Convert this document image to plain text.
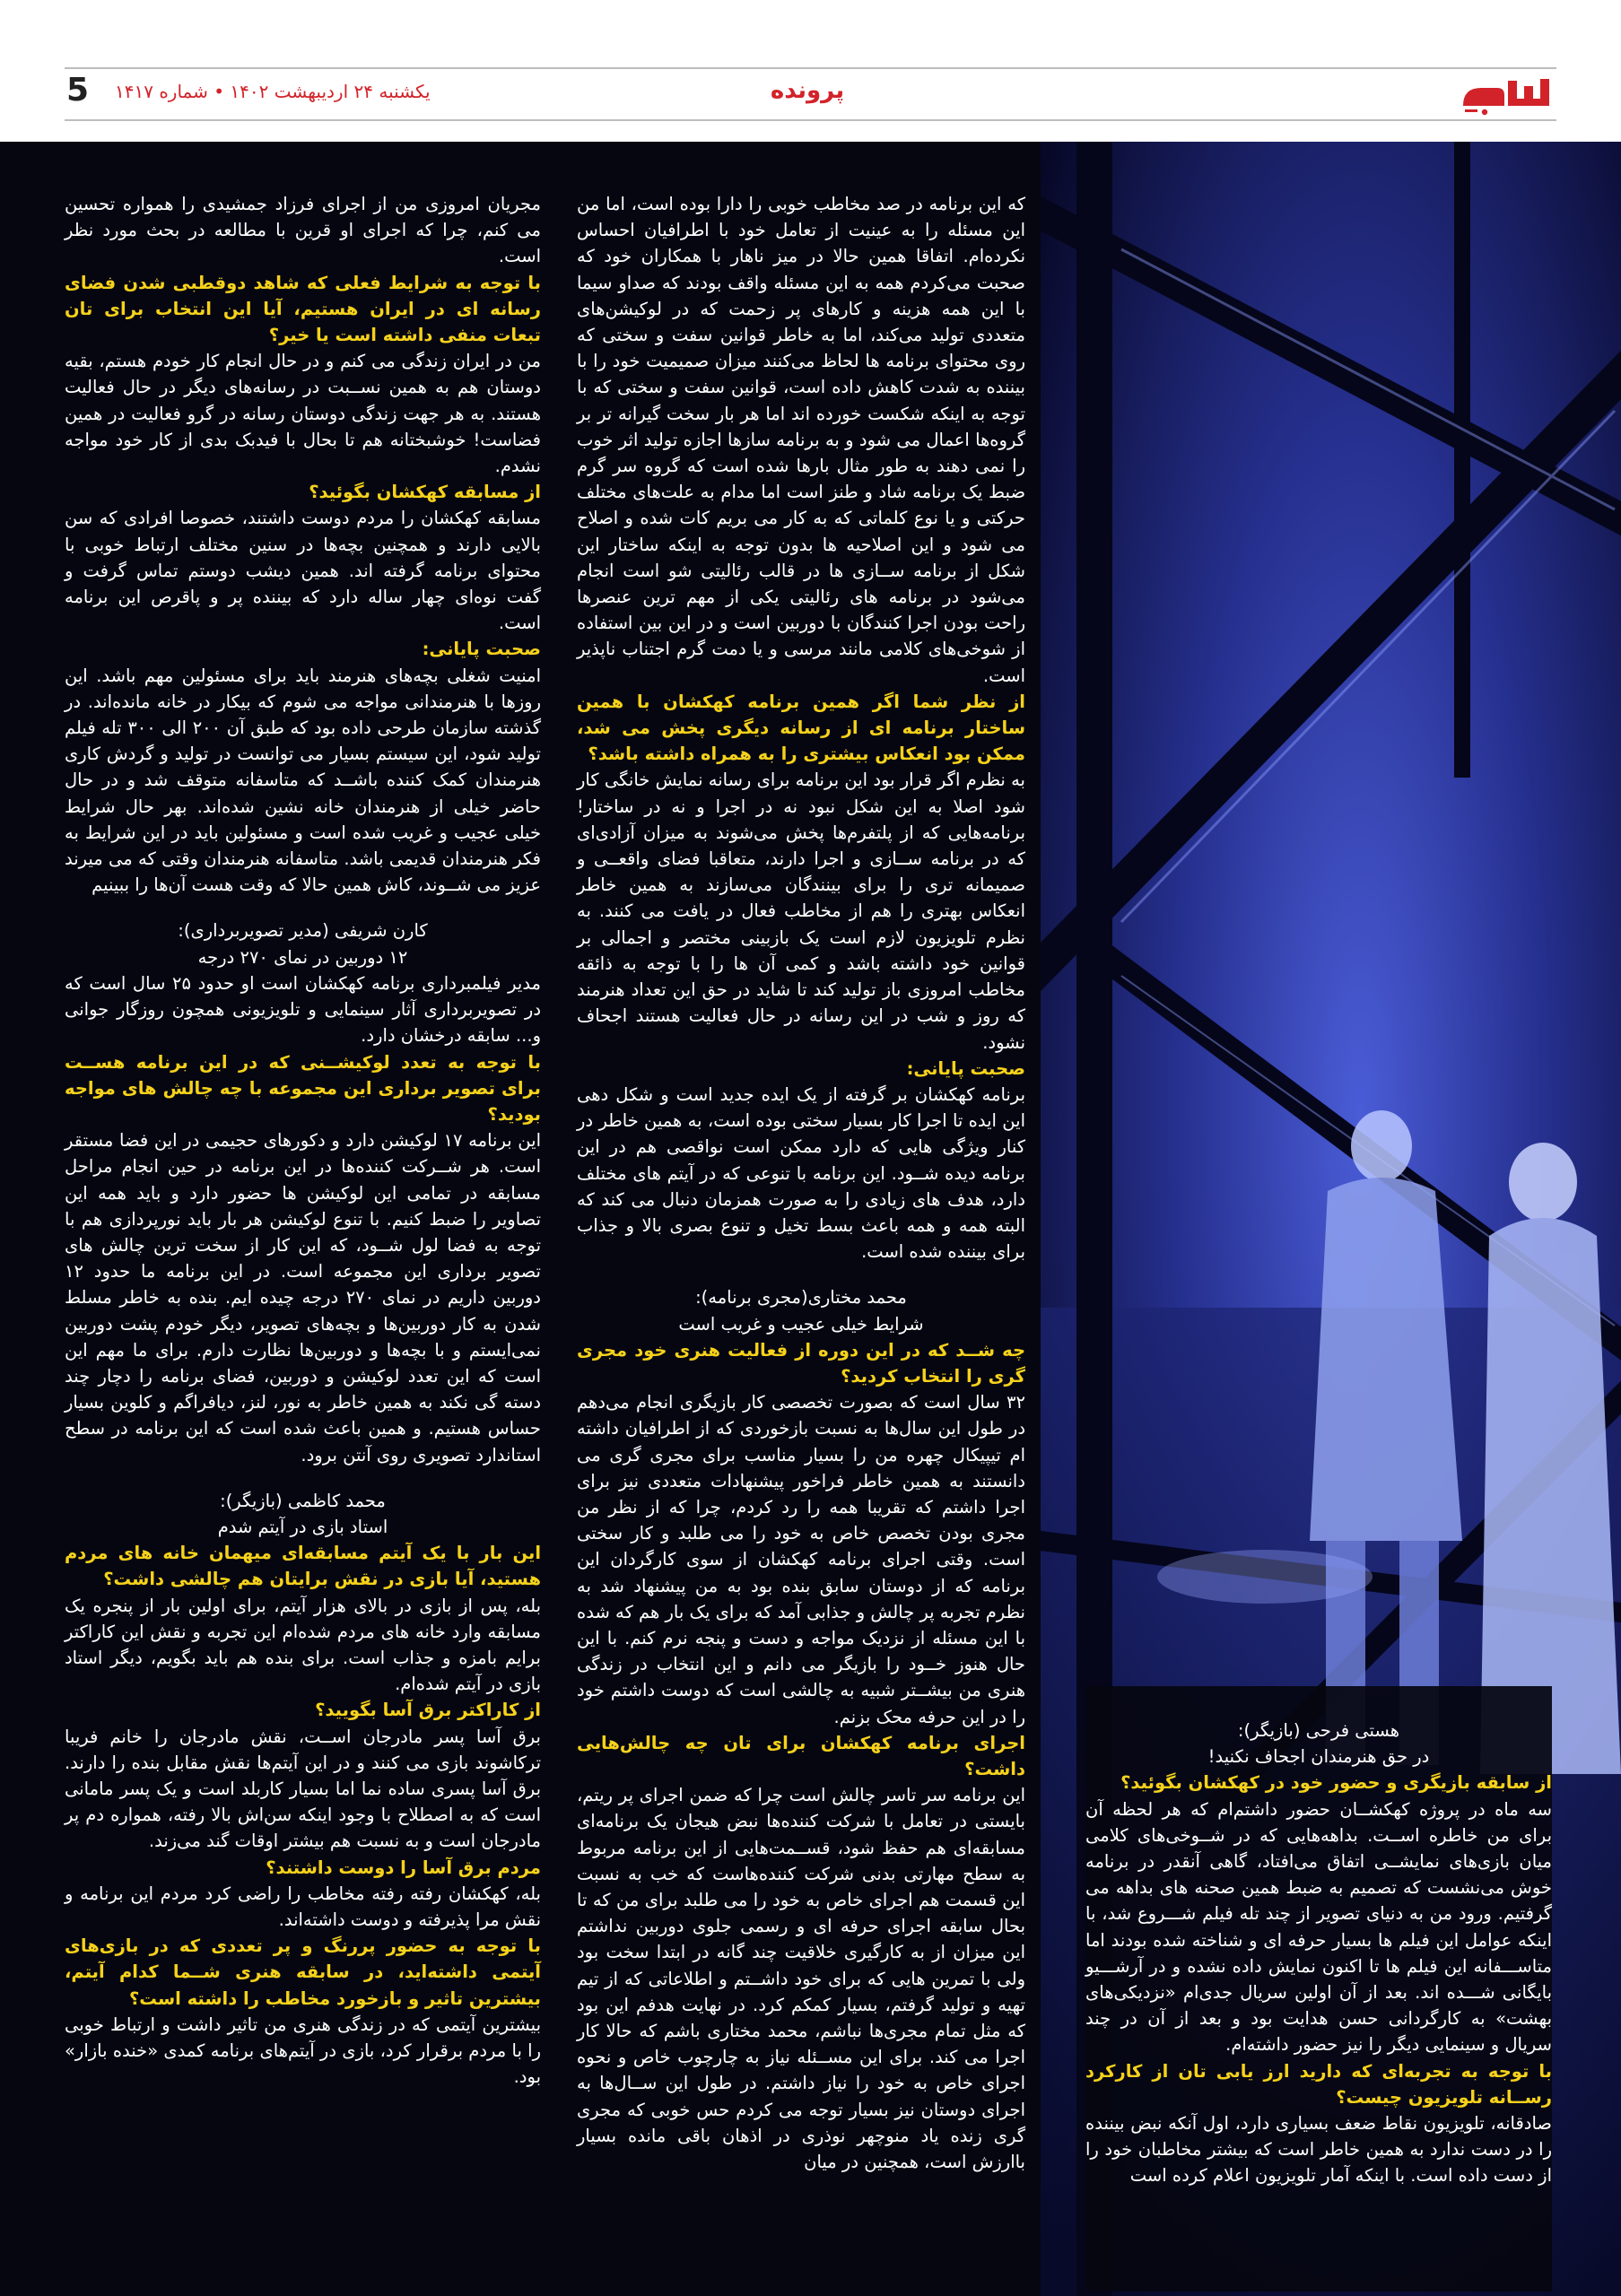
5 یکشنبه ۲۴ اردیبهشت ۱۴۰۲ • شماره ۱۴۱۷	پرونده

که این برنامه در صد مخاطب خوبی را دارا بوده است، اما من این مسئله را به عینیت از تعامل خود با اطرافیان احساس نکرده‌ام. اتفاقا همین حالا در میز ناهار با همکاران خود که صحبت می‌کردم همه به این مسئله واقف بودند که صداو سیما با این همه هزینه و کارهای پر زحمت که در لوکیشن‌های متعددی تولید می‌کند، اما به خاطر قوانین سفت و سختی که روی محتوای برنامه ها لحاظ می‌کنند میزان صمیمیت خود را با بیننده به شدت کاهش داده است، قوانین سفت و سختی که با توجه به اینکه شکست خورده اند اما هر بار سخت گیرانه تر بر گروه‌ها اعمال می شود و به برنامه سازها اجازه تولید اثر خوب را نمی دهند به طور مثال بارها شده است که گروه سر گرم ضبط یک برنامه شاد و طنز است اما مدام به علت‌های مختلف حرکتی و یا نوع کلماتی که به کار می بریم کات شده و اصلاح می شود و این اصلاحیه ها بدون توجه به اینکه ساختار این شکل از برنامه ســازی ها در قالب رئالیتی شو است انجام می‌شود در برنامه های رئالیتی یکی از مهم ترین عنصرها راحت بودن اجرا کنندگان با دوربین است و در این بین استفاده از شوخی‌های کلامی مانند مرسی و یا دمت گرم اجتناب ناپذیر است.

از نظر شما اگر همین برنامه کهکشان با همین ساختار برنامه ای از رسانه دیگری پخش می شد، ممکن بود انعکاس بیشتری را به همراه داشته باشد؟

به نظرم اگر قرار بود این برنامه برای رسانه نمایش خانگی کار شود اصلا به این شکل نبود نه در اجرا و نه در ساختار! برنامه‌هایی که از پلتفرم‌ها پخش می‌شوند به میزان آزادی‌ای که در برنامه ســازی و اجرا دارند، متعاقبا فضای واقعــی و صمیمانه تری را برای بینندگان می‌سازند به همین خاطر انعکاس بهتری را هم از مخاطب فعال در یافت می کنند. به نظرم تلویزیون لازم است یک بازبینی مختصر و اجمالی بر قوانین خود داشته باشد و کمی آن ها را با توجه به ذائقه مخاطب امروزی باز تولید کند تا شاید در حق این تعداد هنرمند که روز و شب در این رسانه در حال فعالیت هستند اجحاف نشود.

صحبت پایانی:

برنامه کهکشان بر گرفته از یک ایده جدید است و شکل دهی این ایده تا اجرا کار بسیار سختی بوده است، به همین خاطر در کنار ویژگی هایی که دارد ممکن است نواقصی هم در این برنامه دیده شــود. این برنامه با تنوعی که در آیتم های مختلف دارد، هدف های زیادی را به صورت همزمان دنبال می کند که البته همه و همه باعث بسط تخیل و تنوع بصری بالا و جذاب برای بیننده شده است.

محمد مختاری(مجری برنامه):

شرایط خیلی عجیب و غریب است

چه شــد که در این دوره از فعالیت هنری خود مجری گری را انتخاب کردید؟

۳۲ سال است که بصورت تخصصی کار بازیگری انجام می‌دهم در طول این سال‌ها به نسبت بازخوردی که از اطرافیان داشته ام تیپیکال چهره من را بسیار مناسب برای مجری گری می دانستند به همین خاطر فراخور پیشنهادات متعددی نیز برای اجرا داشتم که تقریبا همه را رد کردم، چرا که از نظر من مجری بودن تخصص خاص به خود را می طلبد و کار سختی است. وقتی اجرای برنامه کهکشان از سوی کارگردان این برنامه که از دوستان سابق بنده بود به من پیشنهاد شد به نظرم تجربه پر چالش و جذابی آمد که برای یک بار هم که شده با این مسئله از نزدیک مواجه و دست و پنجه نرم کنم. با این حال هنوز خــود را بازیگر می دانم و این انتخاب در زندگی هنری من بیشــتر شبیه به چالشی است که دوست داشتم خود را در این حرفه محک بزنم.

اجرای برنامه کهکشان برای تان چه چالش‌هایی داشت؟

این برنامه سر تاسر چالش است چرا که ضمن اجرای پر ریتم، بایستی در تعامل با شرکت کننده‌ها نبض هیجان یک برنامه‌ای مسابقه‌ای هم حفظ شود، قســمت‌هایی از این برنامه مربوط به سطح مهارتی بدنی شرکت کننده‌هاست که خب به نسبت این قسمت هم اجرای خاص به خود را می طلبد برای من که تا بحال سابقه اجرای حرفه ای و رسمی جلوی دوربین نداشتم این میزان از به کارگیری خلاقیت چند گانه در ابتدا سخت بود ولی با تمرین هایی که برای خود داشــتم و اطلاعاتی که از تیم تهیه و تولید گرفتم، بسیار کمکم کرد. در نهایت هدفم این بود که مثل تمام مجری‌ها نباشم، محمد مختاری باشم که حالا کار اجرا می کند. برای این مســئله نیاز به چارچوب خاص و نحوه اجرای خاص به خود را نیاز داشتم. در طول این ســال‌ها به اجرای دوستان نیز بسیار توجه می کردم حس خوبی که مجری گری زنده یاد منوچهر نوذری در اذهان باقی مانده بسیار باارزش است، همچنین در میان

مجریان امروزی من از اجرای فرزاد جمشیدی را همواره تحسین می کنم، چرا که اجرای او قرین با مطالعه در بحث مورد نظر است.

با توجه به شرایط فعلی که شاهد دوقطبی شدن فضای رسانه ای در ایران هستیم، آیا این انتخاب برای تان تبعات منفی داشته است یا خیر؟

من در ایران زندگی می کنم و در حال انجام کار خودم هستم، بقیه دوستان هم به همین نســبت در رسانه‌های دیگر در حال فعالیت هستند. به هر جهت زندگی دوستان رسانه در گرو فعالیت در همین فضاست! خوشبختانه هم تا بحال با فیدبک بدی از کار خود مواجه نشدم.

از مسابقه کهکشان بگوئید؟

مسابقه کهکشان را مردم دوست داشتند، خصوصا افرادی که سن بالایی دارند و همچنین بچه‌ها در سنین مختلف ارتباط خوبی با محتوای برنامه گرفته اند. همین دیشب دوستم تماس گرفت و گفت نوه‌ای چهار ساله دارد که بیننده پر و پاقرص این برنامه است.

صحبت پایانی:

امنیت شغلی بچه‌های هنرمند باید برای مسئولین مهم باشد. این روزها با هنرمندانی مواجه می شوم که بیکار در خانه مانده‌اند. در گذشته سازمان طرحی داده بود که طبق آن ۲۰۰ الی ۳۰۰ تله فیلم تولید شود، این سیستم بسیار می توانست در تولید و گردش کاری هنرمندان کمک کننده باشــد که متاسفانه متوقف شد و در حال حاضر خیلی از هنرمندان خانه نشین شده‌اند. بهر حال شرایط خیلی عجیب و غریب شده است و مسئولین باید در این شرایط به فکر هنرمندان قدیمی باشد. متاسفانه هنرمندان وقتی که می میرند عزیز می شــوند، کاش همین حالا که وقت هست آن‌ها را ببینیم

کارن شریفی (مدیر تصویربرداری):

۱۲ دوربین در نمای ۲۷۰ درجه

مدیر فیلمبرداری برنامه کهکشان است او حدود ۲۵ سال است که در تصویربرداری آثار سینمایی و تلویزیونی همچون روزگار جوانی و... سابقه درخشان دارد.

با توجه به تعدد لوکیشــنی که در این برنامه هســت برای تصویر برداری این مجموعه با چه چالش های مواجه بودید؟

این برنامه ۱۷ لوکیشن دارد و دکورهای حجیمی در این فضا مستقر است. هر شــرکت کننده‌ها در این برنامه در حین انجام مراحل مسابقه در تمامی این لوکیشن ها حضور دارد و باید همه این تصاویر را ضبط کنیم. با تنوع لوکیشن هر بار باید نورپردازی هم با توجه به فضا لول شــود، که این کار از سخت ترین چالش های تصویر برداری این مجموعه است. در این برنامه ما حدود ۱۲ دوربین داریم در نمای ۲۷۰ درجه چیده ایم. بنده به خاطر مسلط شدن به کار دوربین‌ها و بچه‌های تصویر، دیگر خودم پشت دوربین نمی‌ایستم و با بچه‌ها و دوربین‌ها نظارت دارم. برای ما مهم این است که این تعدد لوکیشن و دوربین، فضای برنامه را دچار چند دسته گی نکند به همین خاطر به نور، لنز، دیافراگم و کلوین بسیار حساس هستیم. و همین باعث شده است که این برنامه در سطح استاندارد تصویری روی آنتن برود.

محمد کاظمی (بازیگر):

استاد بازی در آیتم شدم

این بار با یک آیتم مسابقه‌ای میهمان خانه های مردم هستید، آیا بازی در نقش برایتان هم چالشی داشت؟

بله، پس از بازی در بالای هزار آیتم، برای اولین بار از پنجره یک مسابقه وارد خانه های مردم شده‌ام این تجربه و نقش این کاراکتر برایم بامزه و جذاب است. برای بنده هم باید بگویم، دیگر استاد بازی در آیتم شده‌ام.

از کاراکتر برق آسا بگویید؟

برق آسا پسر مادرجان اســت، نقش مادرجان را خانم فریبا ترکاشوند بازی می کنند و در این آیتم‌ها نقش مقابل بنده را دارند. برق آسا پسری ساده نما اما بسیار کاربلد است و یک پسر مامانی است که به اصطلاح با وجود اینکه سن‌اش بالا رفته، همواره دم پر مادرجان است و به نسبت هم بیشتر اوقات گند می‌زند.

مردم برق آسا را دوست داشتند؟

بله، کهکشان رفته رفته مخاطب را راضی کرد مردم این برنامه و نقش مرا پذیرفته و دوست داشته‌اند.

با توجه به حضور پررنگ و پر تعددی که در بازی‌های آیتمی داشته‌اید، در سابقه هنری شــما کدام آیتم، بیشترین تاثیر و بازخورد مخاطب را داشته است؟

بیشترین آیتمی که در زندگی هنری من تاثیر داشت و ارتباط خوبی را با مردم برقرار کرد، بازی در آیتم‌های برنامه کمدی «خنده بازار» بود.

هستی فرحی (بازیگر):

در حق هنرمندان اجحاف نکنید!

از سابقه بازیگری و حضور خود در کهکشان بگوئید؟

سه ماه در پروژه کهکشــان حضور داشتم‌ام که هر لحظه آن برای من خاطره اســت. بداهه‌هایی که در شــوخی‌های کلامی میان بازی‌های نمایشــی اتفاق می‌افتاد، گاهی آنقدر در برنامه خوش می‌نشست که تصمیم به ضبط همین صحنه های بداهه می گرفتیم. ورود من به دنیای تصویر از چند تله فیلم شـــروع شد، با اینکه عوامل این فیلم ها بسیار حرفه ای و شناخته شده بودند اما متاســـفانه این فیلم ها تا اکنون نمایش داده نشده و در آرشـــیو بایگانی شـــده اند. بعد از آن اولین سریال جدی‌ام «نزدیکی‌های بهشت» به کارگردانی حسن هدایت بود و بعد از آن در چند سریال و سینمایی دیگر را نیز حضور داشته‌ام.

با توجه به تجربه‌ای که دارید ارز یابی تان از کارکرد رســانه تلویزیون چیست؟

صادقانه، تلویزیون نقاط ضعف بسیاری دارد، اول آنکه نبض بیننده را در دست ندارد به همین خاطر است که بیشتر مخاطبان خود را از دست داده است. با اینکه آمار تلویزیون اعلام کرده است
